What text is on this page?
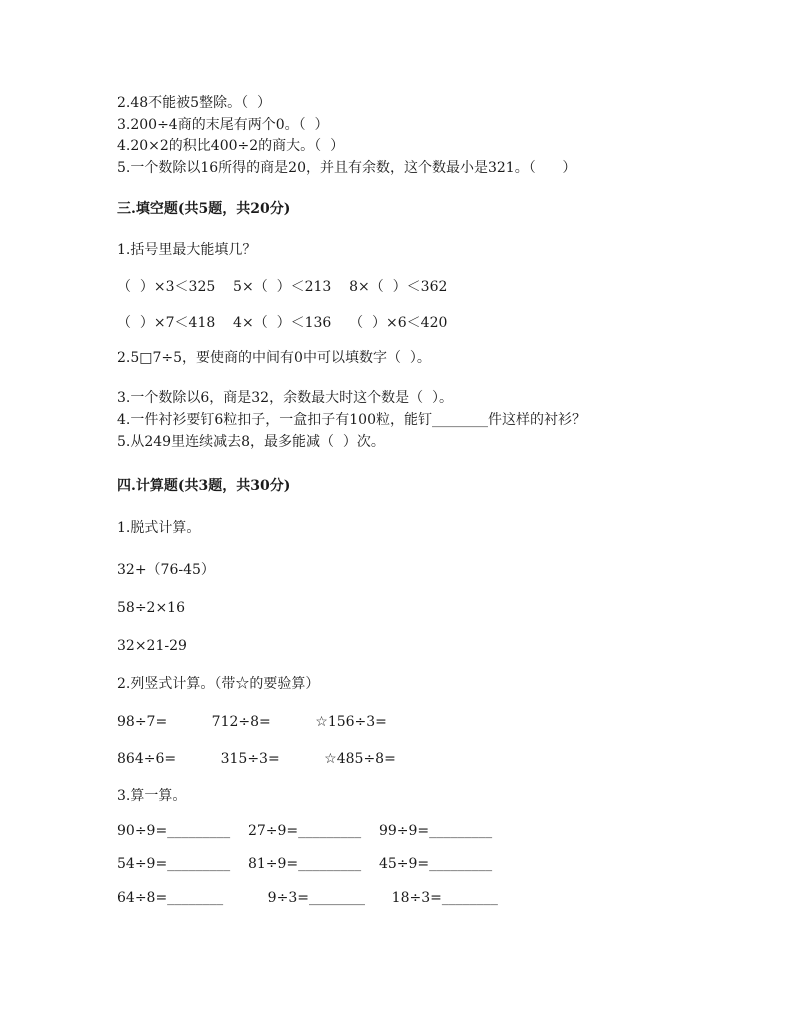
2.48不能被5整除。（  ）
3.200÷4商的末尾有两个0。（  ）
4.20×2的积比400÷2的商大。（  ）
5.一个数除以16所得的商是20，并且有余数，这个数最小是321。（      ）
三.填空题(共5题，共20分)
1.括号里最大能填几？
（  ）×3＜325    5×（  ）＜213    8×（  ）＜362
（  ）×7＜418    4×（  ）＜136    （  ）×6＜420
2.5□7÷5，要使商的中间有0中可以填数字（  ）。
3.一个数除以6，商是32，余数最大时这个数是（  ）。
4.一件衬衫要钉6粒扣子，一盒扣子有100粒，能钉________件这样的衬衫？
5.从249里连续减去8，最多能减（  ）次。
四.计算题(共3题，共30分)
1.脱式计算。
32+（76-45）
58÷2×16
32×21-29
2.列竖式计算。（带☆的要验算）
98÷7=          712÷8=          ☆156÷3=
864÷6=          315÷3=          ☆485÷8=
3.算一算。
90÷9=_________    27÷9=_________    99÷9=_________
54÷9=_________    81÷9=_________    45÷9=_________
64÷8=________          9÷3=________      18÷3=________
